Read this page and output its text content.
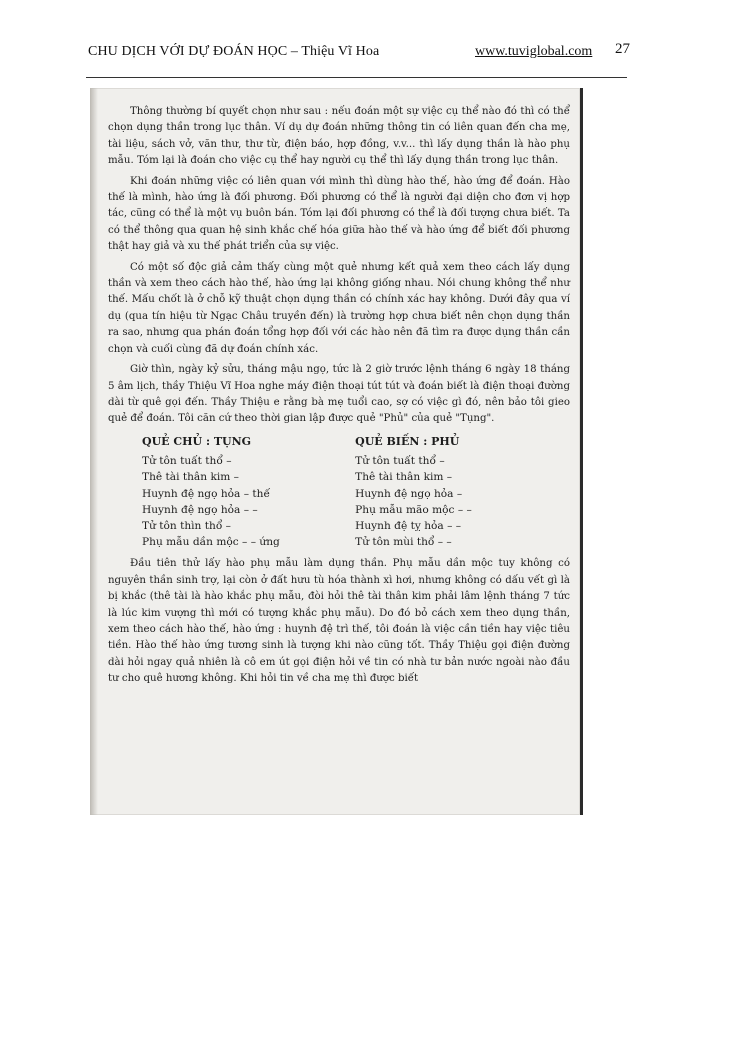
CHU DỊCH VỚI DỰ ĐOÁN HỌC – Thiệu Vĩ Hoa	www.tuviglobal.com 27

Thông thường bí quyết chọn như sau : nếu đoán một sự việc cụ thể nào đó thì có thể chọn dụng thần trong lục thân. Ví dụ dự đoán những thông tin có liên quan đến cha mẹ, tài liệu, sách vở, văn thư, thư từ, điện báo, hợp đồng, v.v... thì lấy dụng thần là hào phụ mẫu. Tóm lại là đoán cho việc cụ thể hay người cụ thể thì lấy dụng thần trong lục thân.

Khi đoán những việc có liên quan với mình thì dùng hào thế, hào ứng để đoán. Hào thế là mình, hào ứng là đối phương. Đối phương có thể là người đại diện cho đơn vị hợp tác, cũng có thể là một vụ buôn bán. Tóm lại đối phương có thể là đối tượng chưa biết. Ta có thể thông qua quan hệ sinh khắc chế hóa giữa hào thế và hào ứng để biết đối phương thật hay giả và xu thế phát triển của sự việc.

Có một số độc giả cảm thấy cùng một quẻ nhưng kết quả xem theo cách lấy dụng thần và xem theo cách hào thế, hào ứng lại không giống nhau. Nói chung không thể như thế. Mấu chốt là ở chỗ kỹ thuật chọn dụng thần có chính xác hay không. Dưới đây qua ví dụ (qua tín hiệu từ Ngạc Châu truyền đến) là trường hợp chưa biết nên chọn dụng thần ra sao, nhưng qua phán đoán tổng hợp đối với các hào nên đã tìm ra được dụng thần cần chọn và cuối cùng đã dự đoán chính xác.

Giờ thìn, ngày kỷ sửu, tháng mậu ngọ, tức là 2 giờ trước lệnh tháng 6 ngày 18 tháng 5 âm lịch, thầy Thiệu Vĩ Hoa nghe máy điện thoại tút tút và đoán biết là điện thoại đường dài từ quê gọi đến. Thầy Thiệu e rằng bà mẹ tuổi cao, sợ có việc gì đó, nên bảo tôi gieo quẻ để đoán. Tôi căn cứ theo thời gian lập được quẻ "Phủ" của quẻ "Tụng".

QUẺ CHỦ : TỤNG
Tử tôn tuất thổ –
Thê tài thân kim –
Huynh đệ ngọ hỏa – thế
Huynh đệ ngọ hỏa – –
Tử tôn thìn thổ –
Phụ mẫu dần mộc – – ứng
QUẺ BIẾN : PHỦ
Tử tôn tuất thổ –
Thê tài thân kim –
Huynh đệ ngọ hỏa –
Phụ mẫu mão mộc – –
Huynh đệ tỵ hỏa – –
Tử tôn mùi thổ – –

Đầu tiên thử lấy hào phụ mẫu làm dụng thần. Phụ mẫu dần mộc tuy không có nguyên thần sinh trợ, lại còn ở đất hưu tù hóa thành xì hơi, nhưng không có dấu vết gì là bị khắc (thê tài là hào khắc phụ mẫu, đòi hỏi thê tài thân kim phải lâm lệnh tháng 7 tức là lúc kim vượng thì mới có tượng khắc phụ mẫu). Do đó bỏ cách xem theo dụng thần, xem theo cách hào thế, hào ứng : huynh đệ trì thế, tôi đoán là việc cần tiền hay việc tiêu tiền. Hào thế hào ứng tương sinh là tượng khi nào cũng tốt. Thầy Thiệu gọi điện đường dài hỏi ngay quả nhiên là cô em út gọi điện hỏi về tin có nhà tư bản nước ngoài nào đầu tư cho quê hương không. Khi hỏi tin về cha mẹ thì được biết
